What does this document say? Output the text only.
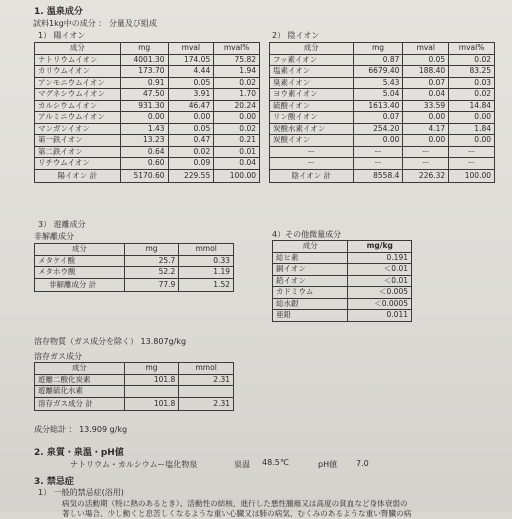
1. 温泉成分
試料1kg中の成分 ： 分量及び組成
1） 陽イオン
成分	mg	mval	mval%
ナトリウムイオン	4001.30	174.05	75.82
カリウムイオン	173.70	4.44	1.94
アンモニウムイオン	0.91	0.05	0.02
マグネシウムイオン	47.50	3.91	1.70
カルシウムイオン	931.30	46.47	20.24
アルミニウムイオン	0.00	0.00	0.00
マンガンイオン	1.43	0.05	0.02
第一鉄イオン	13.23	0.47	0.21
第二鉄イオン	0.64	0.02	0.01
リチウムイオン	0.60	0.09	0.04
陽イオン 計	5170.60	229.55	100.00
2） 陰イオン
成分	mg	mval	mval%
フッ素イオン	0.87	0.05	0.02
塩素イオン	6679.40	188.40	83.25
臭素イオン	5.43	0.07	0.03
ヨウ素イオン	5.04	0.04	0.02
硫酸イオン	1613.40	33.59	14.84
リン酸イオン	0.07	0.00	0.00
炭酸水素イオン	254.20	4.17	1.84
炭酸イオン	0.00	0.00	0.00
ー	ー	ー	ー
ー	ー	ー	ー
陰イオン 計	8558.4	226.32	100.00
3） 遊離成分
非解離成分
成分	mg	mmol
メタケイ酸	25.7	0.33
メタホウ酸	52.2	1.19
非解離成分 計	77.9	1.52
4）その他微量成分
成分	mg/kg
総ヒ素	0.191
銅イオン	＜0.01
鉛イオン	＜0.01
カドミウム	＜0.005
総水銀	＜0.0005
亜鉛	0.011
溶存物質（ガス成分を除く） 13.807g/kg
溶存ガス成分
成分	mg	mmol
遊離二酸化炭素	101.8	2.31
遊離硫化水素		
溶存ガス成分 計	101.8	2.31
成分総計 ： 13.909 g/kg
2. 泉質・泉温・pH値
ナトリウム・カルシウムー塩化物泉	泉温 48.5℃	pH値 7.0
3. 禁忌症
1） 一般的禁忌症(浴用)
病気の活動期（特に熱のあるとき）、活動性の結核、進行した悪性腫瘍又は高度の貧血など身体衰弱の
著しい場合、少し動くと息苦しくなるような重い心臓又は肺の病気、むくみのあるような重い腎臓の病
